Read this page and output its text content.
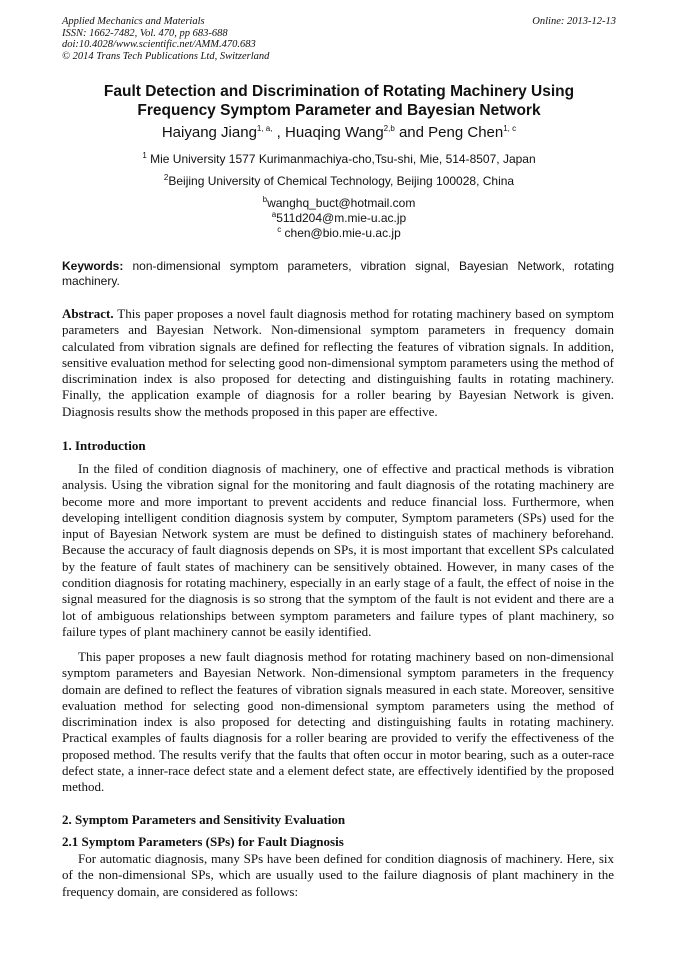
Applied Mechanics and Materials	Online: 2013-12-13
ISSN: 1662-7482, Vol. 470, pp 683-688
doi:10.4028/www.scientific.net/AMM.470.683
© 2014 Trans Tech Publications Ltd, Switzerland
Fault Detection and Discrimination of Rotating Machinery Using
Frequency Symptom Parameter and Bayesian Network
Haiyang Jiang$^{1, a,}$ , Huaqing Wang$^{2,b}$ and Peng Chen$^{1, c}$
$^1$ Mie University 1577 Kurimanmachiya-cho,Tsu-shi, Mie, 514-8507, Japan
$^2$Beijing University of Chemical Technology, Beijing 100028, China
$^b$wanghq_buct@hotmail.com
$^a$511d204@m.mie-u.ac.jp
$^c$ chen@bio.mie-u.ac.jp
Keywords: non-dimensional symptom parameters, vibration signal, Bayesian Network, rotating machinery.
Abstract. This paper proposes a novel fault diagnosis method for rotating machinery based on symptom parameters and Bayesian Network. Non-dimensional symptom parameters in frequency domain calculated from vibration signals are defined for reflecting the features of vibration signals. In addition, sensitive evaluation method for selecting good non-dimensional symptom parameters using the method of discrimination index is also proposed for detecting and distinguishing faults in rotating machinery. Finally, the application example of diagnosis for a roller bearing by Bayesian Network is given. Diagnosis results show the methods proposed in this paper are effective.
1. Introduction
In the filed of condition diagnosis of machinery, one of effective and practical methods is vibration analysis. Using the vibration signal for the monitoring and fault diagnosis of the rotating machinery are become more and more important to prevent accidents and reduce financial loss. Furthermore, when developing intelligent condition diagnosis system by computer, Symptom parameters (SPs) used for the input of Bayesian Network system are must be defined to distinguish states of machinery beforehand. Because the accuracy of fault diagnosis depends on SPs, it is most important that excellent SPs calculated by the feature of fault states of machinery can be sensitively obtained. However, in many cases of the condition diagnosis for rotating machinery, especially in an early stage of a fault, the effect of noise in the signal measured for the diagnosis is so strong that the symptom of the fault is not evident and there are a lot of ambiguous relationships between symptom parameters and failure types of plant machinery, so failure types of plant machinery cannot be easily identified.
This paper proposes a new fault diagnosis method for rotating machinery based on non-dimensional symptom parameters and Bayesian Network. Non-dimensional symptom parameters in the frequency domain are defined to reflect the features of vibration signals measured in each state. Moreover, sensitive evaluation method for selecting good non-dimensional symptom parameters using the method of discrimination index is also proposed for detecting and distinguishing faults in rotating machinery. Practical examples of faults diagnosis for a roller bearing are provided to verify the effectiveness of the proposed method. The results verify that the faults that often occur in motor bearing, such as a outer-race defect state, a inner-race defect state and a element defect state, are effectively identified by the proposed method.
2. Symptom Parameters and Sensitivity Evaluation
2.1 Symptom Parameters (SPs) for Fault Diagnosis
For automatic diagnosis, many SPs have been defined for condition diagnosis of machinery. Here, six of the non-dimensional SPs, which are usually used to the failure diagnosis of plant machinery in the frequency domain, are considered as follows:
